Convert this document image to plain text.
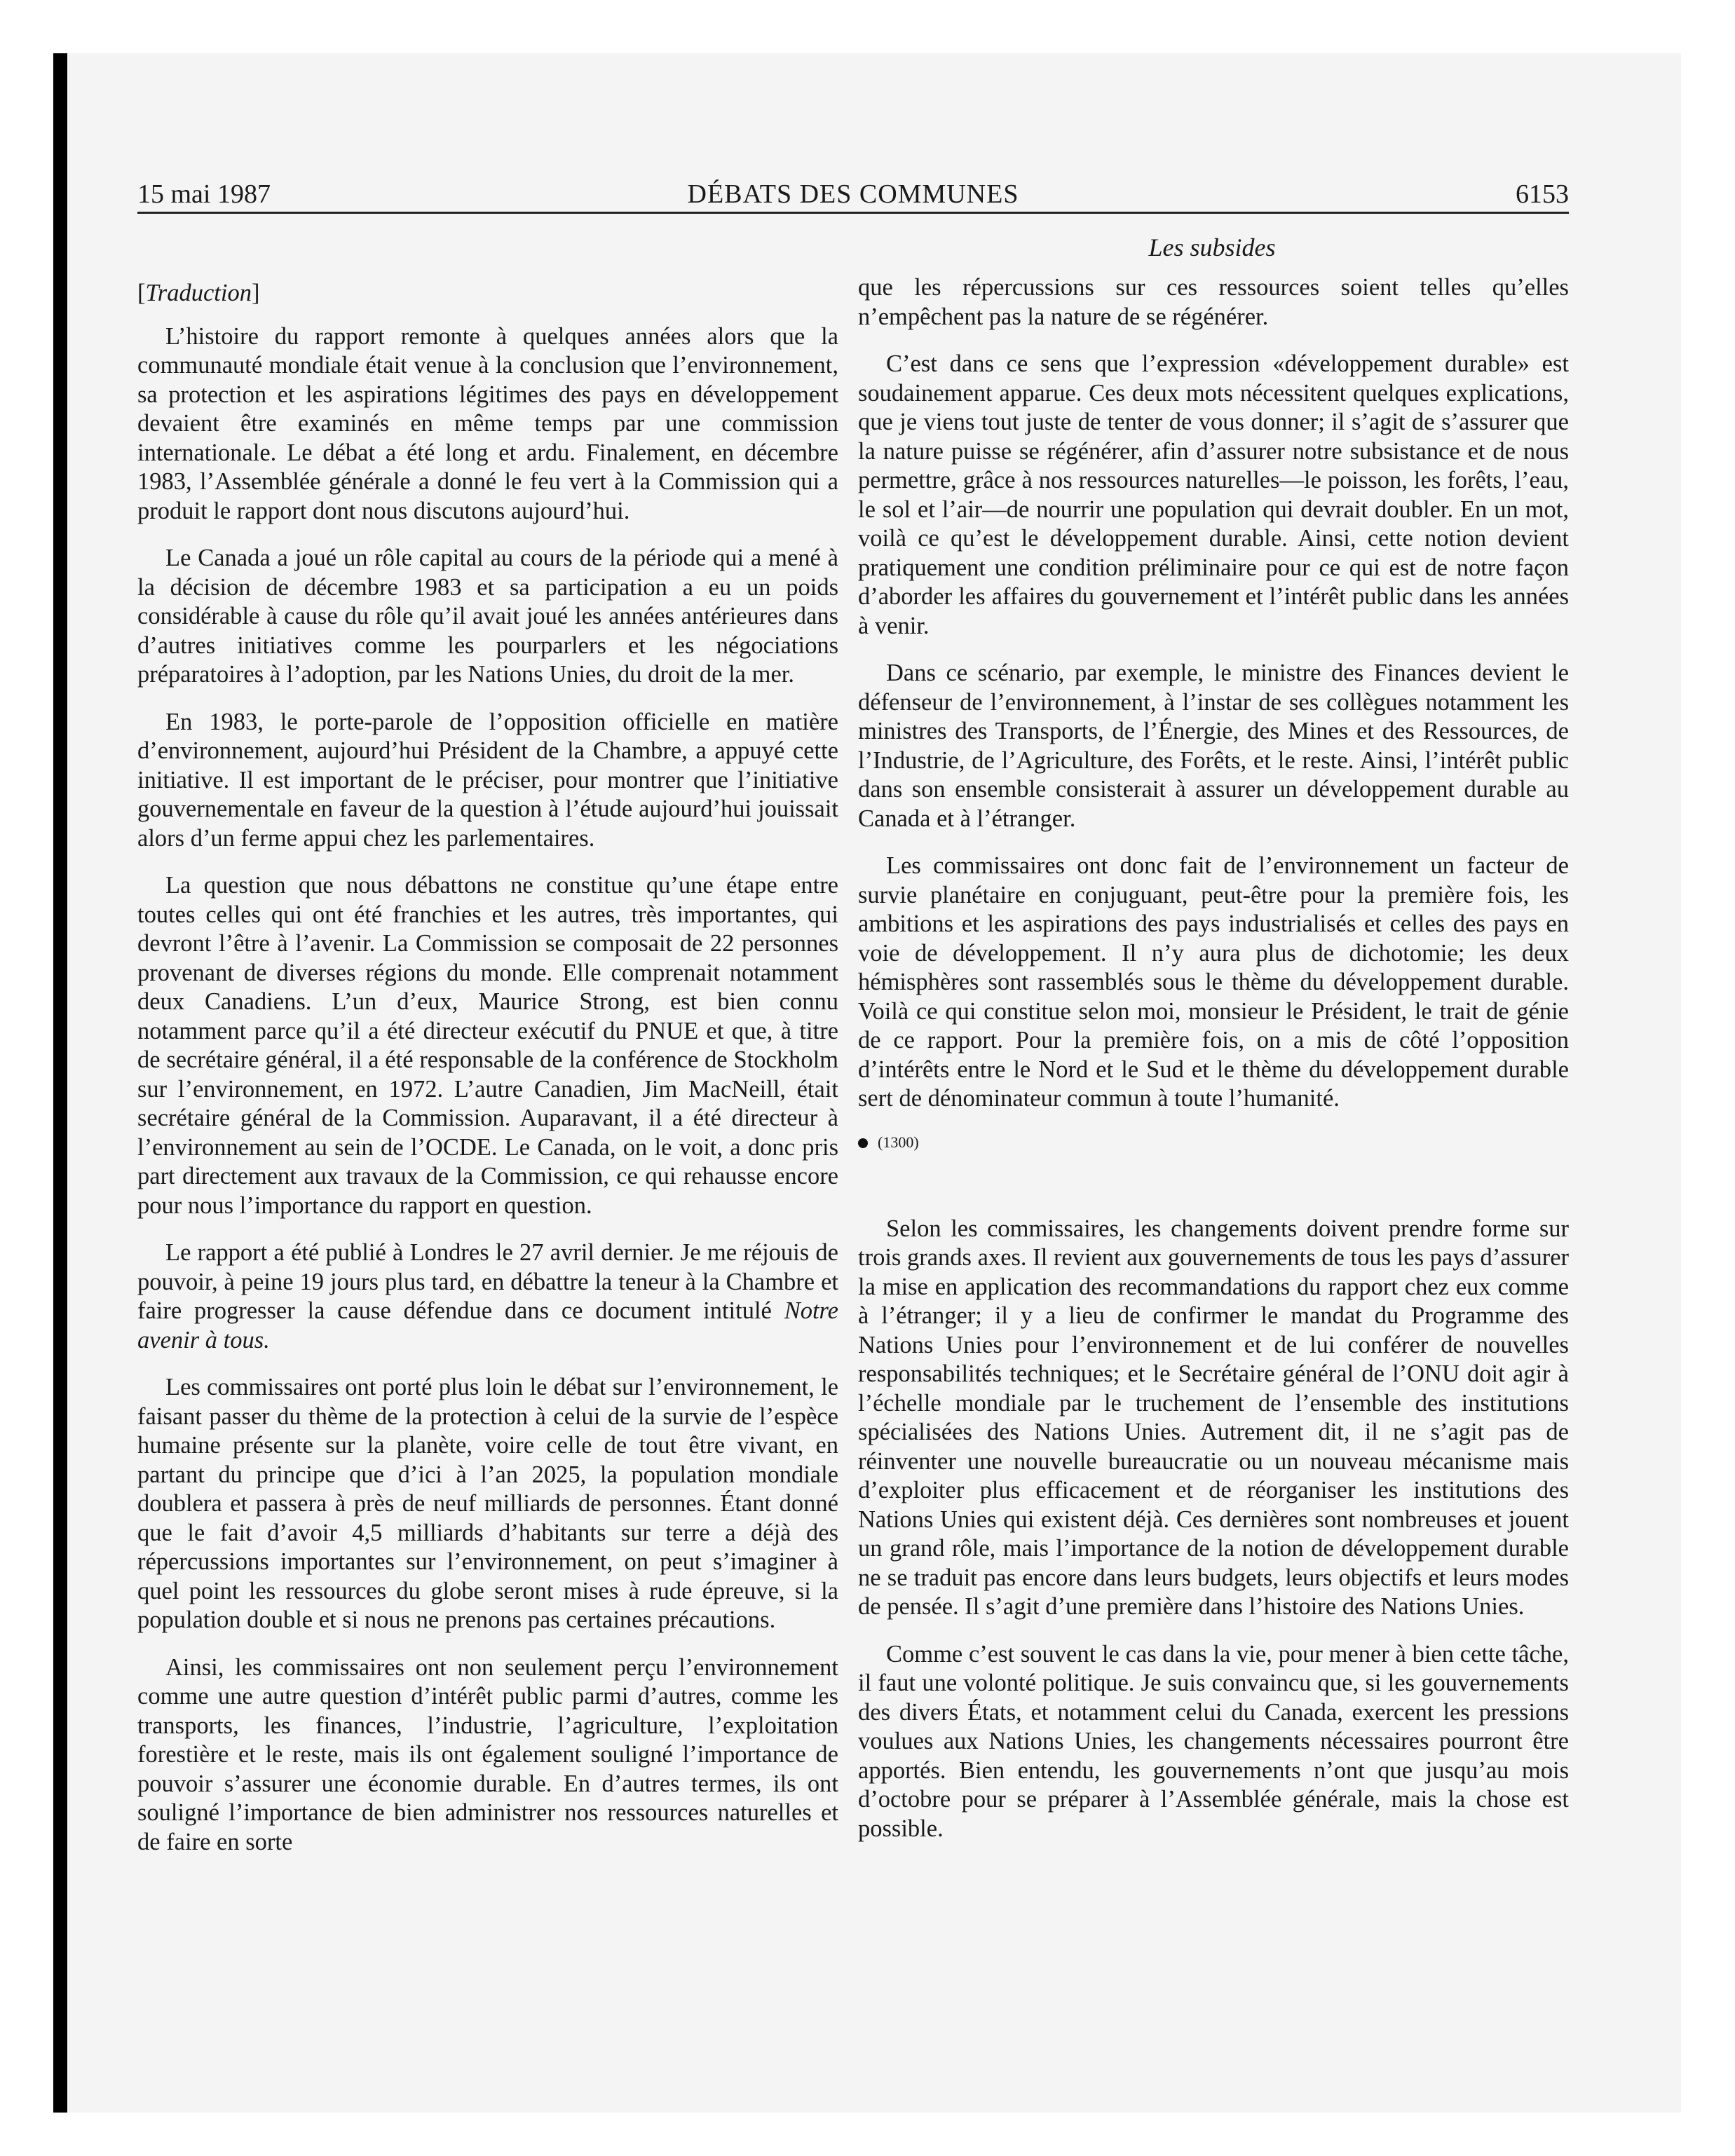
15 mai 1987	DÉBATS DES COMMUNES	6153
Les subsides

[Traduction]

L’histoire du rapport remonte à quelques années alors que la communauté mondiale était venue à la conclusion que l’environnement, sa protection et les aspirations légitimes des pays en développement devaient être examinés en même temps par une commission internationale. Le débat a été long et ardu. Finalement, en décembre 1983, l’Assemblée générale a donné le feu vert à la Commission qui a produit le rapport dont nous discutons aujourd’hui.

Le Canada a joué un rôle capital au cours de la période qui a mené à la décision de décembre 1983 et sa participation a eu un poids considérable à cause du rôle qu’il avait joué les années antérieures dans d’autres initiatives comme les pourparlers et les négociations préparatoires à l’adoption, par les Nations Unies, du droit de la mer.

En 1983, le porte-parole de l’opposition officielle en matière d’environnement, aujourd’hui Président de la Chambre, a appuyé cette initiative. Il est important de le préciser, pour montrer que l’initiative gouvernementale en faveur de la question à l’étude aujourd’hui jouissait alors d’un ferme appui chez les parlementaires.

La question que nous débattons ne constitue qu’une étape entre toutes celles qui ont été franchies et les autres, très importantes, qui devront l’être à l’avenir. La Commission se composait de 22 personnes provenant de diverses régions du monde. Elle comprenait notamment deux Canadiens. L’un d’eux, Maurice Strong, est bien connu notamment parce qu’il a été directeur exécutif du PNUE et que, à titre de secrétaire général, il a été responsable de la conférence de Stockholm sur l’environnement, en 1972. L’autre Canadien, Jim MacNeill, était secrétaire général de la Commission. Auparavant, il a été directeur à l’environnement au sein de l’OCDE. Le Canada, on le voit, a donc pris part directement aux travaux de la Commission, ce qui rehausse encore pour nous l’importance du rapport en question.

Le rapport a été publié à Londres le 27 avril dernier. Je me réjouis de pouvoir, à peine 19 jours plus tard, en débattre la teneur à la Chambre et faire progresser la cause défendue dans ce document intitulé Notre avenir à tous.

Les commissaires ont porté plus loin le débat sur l’environnement, le faisant passer du thème de la protection à celui de la survie de l’espèce humaine présente sur la planète, voire celle de tout être vivant, en partant du principe que d’ici à l’an 2025, la population mondiale doublera et passera à près de neuf milliards de personnes. Étant donné que le fait d’avoir 4,5 milliards d’habitants sur terre a déjà des répercussions importantes sur l’environnement, on peut s’imaginer à quel point les ressources du globe seront mises à rude épreuve, si la population double et si nous ne prenons pas certaines précautions.

Ainsi, les commissaires ont non seulement perçu l’environnement comme une autre question d’intérêt public parmi d’autres, comme les transports, les finances, l’industrie, l’agriculture, l’exploitation forestière et le reste, mais ils ont également souligné l’importance de pouvoir s’assurer une économie durable. En d’autres termes, ils ont souligné l’importance de bien administrer nos ressources naturelles et de faire en sorte

que les répercussions sur ces ressources soient telles qu’elles n’empêchent pas la nature de se régénérer.

C’est dans ce sens que l’expression «développement durable» est soudainement apparue. Ces deux mots nécessitent quelques explications, que je viens tout juste de tenter de vous donner; il s’agit de s’assurer que la nature puisse se régénérer, afin d’assurer notre subsistance et de nous permettre, grâce à nos ressources naturelles—le poisson, les forêts, l’eau, le sol et l’air—de nourrir une population qui devrait doubler. En un mot, voilà ce qu’est le développement durable. Ainsi, cette notion devient pratiquement une condition préliminaire pour ce qui est de notre façon d’aborder les affaires du gouvernement et l’intérêt public dans les années à venir.

Dans ce scénario, par exemple, le ministre des Finances devient le défenseur de l’environnement, à l’instar de ses collègues notamment les ministres des Transports, de l’Énergie, des Mines et des Ressources, de l’Industrie, de l’Agriculture, des Forêts, et le reste. Ainsi, l’intérêt public dans son ensemble consisterait à assurer un développement durable au Canada et à l’étranger.

Les commissaires ont donc fait de l’environnement un facteur de survie planétaire en conjuguant, peut-être pour la première fois, les ambitions et les aspirations des pays industrialisés et celles des pays en voie de développement. Il n’y aura plus de dichotomie; les deux hémisphères sont rassemblés sous le thème du développement durable. Voilà ce qui constitue selon moi, monsieur le Président, le trait de génie de ce rapport. Pour la première fois, on a mis de côté l’opposition d’intérêts entre le Nord et le Sud et le thème du développement durable sert de dénominateur commun à toute l’humanité.

(1300)

Selon les commissaires, les changements doivent prendre forme sur trois grands axes. Il revient aux gouvernements de tous les pays d’assurer la mise en application des recommandations du rapport chez eux comme à l’étranger; il y a lieu de confirmer le mandat du Programme des Nations Unies pour l’environnement et de lui conférer de nouvelles responsabilités techniques; et le Secrétaire général de l’ONU doit agir à l’échelle mondiale par le truchement de l’ensemble des institutions spécialisées des Nations Unies. Autrement dit, il ne s’agit pas de réinventer une nouvelle bureaucratie ou un nouveau mécanisme mais d’exploiter plus efficacement et de réorganiser les institutions des Nations Unies qui existent déjà. Ces dernières sont nombreuses et jouent un grand rôle, mais l’importance de la notion de développement durable ne se traduit pas encore dans leurs budgets, leurs objectifs et leurs modes de pensée. Il s’agit d’une première dans l’histoire des Nations Unies.

Comme c’est souvent le cas dans la vie, pour mener à bien cette tâche, il faut une volonté politique. Je suis convaincu que, si les gouvernements des divers États, et notamment celui du Canada, exercent les pressions voulues aux Nations Unies, les changements nécessaires pourront être apportés. Bien entendu, les gouvernements n’ont que jusqu’au mois d’octobre pour se préparer à l’Assemblée générale, mais la chose est possible.
